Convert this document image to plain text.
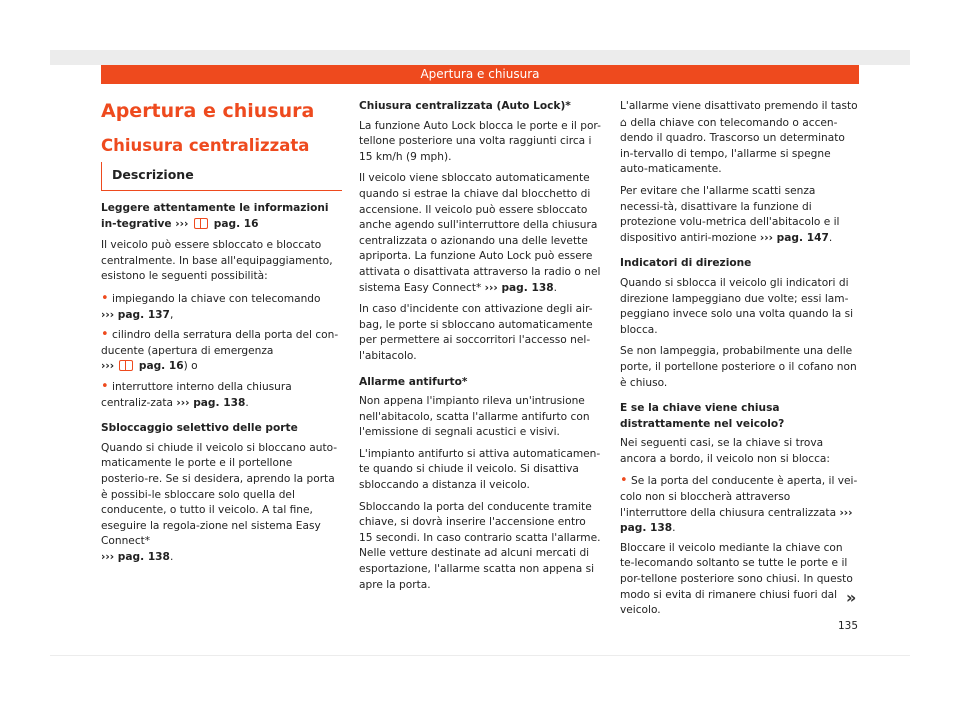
Apertura e chiusura
Apertura e chiusura
Chiusura centralizzata
Descrizione

Leggere attentamente le informazioni in-tegrative ››› pag. 16

Il veicolo può essere sbloccato e bloccato centralmente. In base all'equipaggiamento, esistono le seguenti possibilità:

• impiegando la chiave con telecomando
››› pag. 137,

• cilindro della serratura della porta del con-ducente (apertura di emergenza
››› pag. 16) o

• interruttore interno della chiusura centraliz-zata ››› pag. 138.

Sbloccaggio selettivo delle porte

Quando si chiude il veicolo si bloccano auto-maticamente le porte e il portellone posterio-re. Se si desidera, aprendo la porta è possibi-le sbloccare solo quella del conducente, o tutto il veicolo. A tal fine, eseguire la regola-zione nel sistema Easy Connect*
››› pag. 138.

Chiusura centralizzata (Auto Lock)*

La funzione Auto Lock blocca le porte e il por-tellone posteriore una volta raggiunti circa i 15 km/h (9 mph).

Il veicolo viene sbloccato automaticamente quando si estrae la chiave dal blocchetto di accensione. Il veicolo può essere sbloccato anche agendo sull'interruttore della chiusura centralizzata o azionando una delle levette apriporta. La funzione Auto Lock può essere attivata o disattivata attraverso la radio o nel sistema Easy Connect* ››› pag. 138.

In caso d'incidente con attivazione degli air-bag, le porte si sbloccano automaticamente per permettere ai soccorritori l'accesso nel-l'abitacolo.

Allarme antifurto*

Non appena l'impianto rileva un'intrusione nell'abitacolo, scatta l'allarme antifurto con l'emissione di segnali acustici e visivi.

L'impianto antifurto si attiva automaticamen-te quando si chiude il veicolo. Si disattiva sbloccando a distanza il veicolo.

Sbloccando la porta del conducente tramite chiave, si dovrà inserire l'accensione entro 15 secondi. In caso contrario scatta l'allarme. Nelle vetture destinate ad alcuni mercati di esportazione, l'allarme scatta non appena si apre la porta.

L'allarme viene disattivato premendo il tasto
⌂ della chiave con telecomando o accen-dendo il quadro. Trascorso un determinato in-tervallo di tempo, l'allarme si spegne auto-maticamente.

Per evitare che l'allarme scatti senza necessi-tà, disattivare la funzione di protezione volu-metrica dell'abitacolo e il dispositivo antiri-mozione ››› pag. 147.

Indicatori di direzione

Quando si sblocca il veicolo gli indicatori di direzione lampeggiano due volte; essi lam-peggiano invece solo una volta quando la si blocca.

Se non lampeggia, probabilmente una delle porte, il portellone posteriore o il cofano non è chiuso.

E se la chiave viene chiusa distrattamente nel veicolo?

Nei seguenti casi, se la chiave si trova ancora a bordo, il veicolo non si blocca:

• Se la porta del conducente è aperta, il vei-colo non si bloccherà attraverso l'interruttore della chiusura centralizzata ››› pag. 138.

Bloccare il veicolo mediante la chiave con te-lecomando soltanto se tutte le porte e il por-tellone posteriore sono chiusi. In questo modo si evita di rimanere chiusi fuori dal veicolo.

»
135
